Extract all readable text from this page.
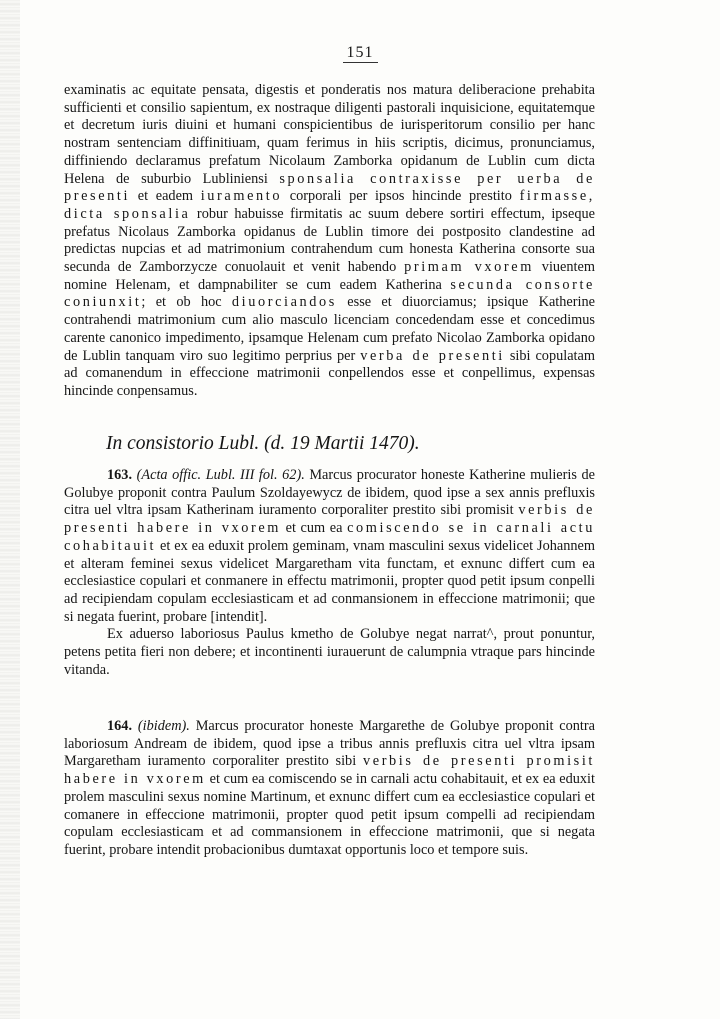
151

examinatis ac equitate pensata, digestis et ponderatis nos matura deliberacione prehabita sufficienti et consilio sapientum, ex nostraque diligenti pastorali inquisicione, equitatemque et decretum iuris diuini et humani conspicientibus de iurisperitorum consilio per hanc nostram sentenciam diffinitiuam, quam ferimus in hiis scriptis, dicimus, pronunciamus, diffiniendo declaramus prefatum Nicolaum Zamborka opidanum de Lublin cum dicta Helena de suburbio Lubliniensi sponsalia contraxisse per uerba de presenti et eadem iuramento corporali per ipsos hincinde prestito firmasse, dicta sponsalia robur habuisse firmitatis ac suum debere sortiri effectum, ipseque prefatus Nicolaus Zamborka opidanus de Lublin timore dei postposito clandestine ad predictas nupcias et ad matrimonium contrahendum cum honesta Katherina consorte sua secunda de Zamborzycze conuolauit et venit habendo primam vxorem viuentem nomine Helenam, et dampnabiliter se cum eadem Katherina secunda consorte coniunxit; et ob hoc diuorciandos esse et diuorciamus; ipsique Katherine contrahendi matrimonium cum alio masculo licenciam concedendam esse et concedimus carente canonico impedimento, ipsamque Helenam cum prefato Nicolao Zamborka opidano de Lublin tanquam viro suo legitimo perprius per verba de presenti sibi copulatam ad comanendum in effeccione matrimonii conpellendos esse et conpellimus, expensas hincinde conpensamus.

In consistorio Lubl. (d. 19 Martii 1470).

163. (Acta offic. Lubl. III fol. 62). Marcus procurator honeste Katherine mulieris de Golubye proponit contra Paulum Szoldayewycz de ibidem, quod ipse a sex annis prefluxis citra uel vltra ipsam Katherinam iuramento corporaliter prestito sibi promisit verbis de presenti habere in vxorem et cum ea comiscendo se in carnali actu cohabitauit et ex ea eduxit prolem geminam, vnam masculini sexus videlicet Johannem et alteram feminei sexus videlicet Margaretham vita functam, et exnunc differt cum ea ecclesiastice copulari et conmanere in effectu matrimonii, propter quod petit ipsum conpelli ad recipiendam copulam ecclesiasticam et ad conmansionem in effeccione matrimonii; que si negata fuerint, probare [intendit].

Ex aduerso laboriosus Paulus kmetho de Golubye negat narrat^, prout ponuntur, petens petita fieri non debere; et incontinenti iurauerunt de calumpnia vtraque pars hincinde vitanda.

164. (ibidem). Marcus procurator honeste Margarethe de Golubye proponit contra laboriosum Andream de ibidem, quod ipse a tribus annis prefluxis citra uel vltra ipsam Margaretham iuramento corporaliter prestito sibi verbis de presenti promisit habere in vxorem et cum ea comiscendo se in carnali actu cohabitauit, et ex ea eduxit prolem masculini sexus nomine Martinum, et exnunc differt cum ea ecclesiastice copulari et comanere in effeccione matrimonii, propter quod petit ipsum compelli ad recipiendam copulam ecclesiasticam et ad commansionem in effeccione matrimonii, que si negata fuerint, probare intendit probacionibus dumtaxat opportunis loco et tempore suis.
